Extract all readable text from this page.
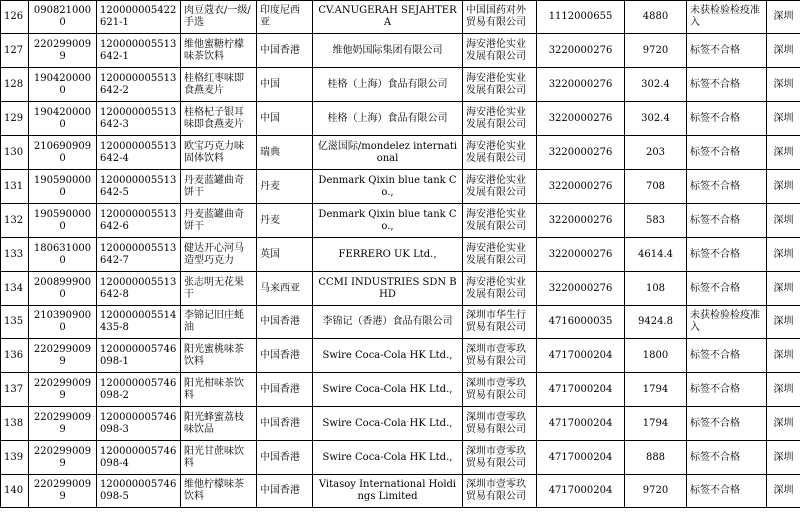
126	0908210000	120000005422621-1	肉豆蔻衣/一级/手选	印度尼西亚	CV.ANUGERAH SEJAHTERA	中国国药对外贸易有限公司	1112000655	4880	未获检验检疫准入	深圳
127	2202990099	120000005513642-1	维他蜜糖柠檬味茶饮料	中国香港	维他奶国际集团有限公司	海安港伦实业发展有限公司	3220000276	9720	标签不合格	深圳
128	1904200000	120000005513642-2	桂格红枣味即食燕麦片	中国	桂格（上海）食品有限公司	海安港伦实业发展有限公司	3220000276	302.4	标签不合格	深圳
129	1904200000	120000005513642-3	桂格杞子银耳味即食燕麦片	中国	桂格（上海）食品有限公司	海安港伦实业发展有限公司	3220000276	302.4	标签不合格	深圳
130	2106909090	120000005513642-4	欧宝巧克力味固体饮料	瑞典	亿滋国际/mondelez international	海安港伦实业发展有限公司	3220000276	203	标签不合格	深圳
131	1905900000	120000005513642-5	丹麦蓝罐曲奇饼干	丹麦	Denmark Qixin blue tank Co.,	海安港伦实业发展有限公司	3220000276	708	标签不合格	深圳
132	1905900000	120000005513642-6	丹麦蓝罐曲奇饼干	丹麦	Denmark Qixin blue tank Co.,	海安港伦实业发展有限公司	3220000276	583	标签不合格	深圳
133	1806310000	120000005513642-7	健达开心河马造型巧克力	英国	FERRERO UK Ltd.,	海安港伦实业发展有限公司	3220000276	4614.4	标签不合格	深圳
134	2008999000	120000005513642-8	张志明无花果干	马来西亚	CCMI INDUSTRIES SDN BHD	海安港伦实业发展有限公司	3220000276	108	标签不合格	深圳
135	2103909000	120000005514435-8	李锦记旧庄蚝油	中国香港	李锦记（香港）食品有限公司	深圳市华生行贸易有限公司	4716000035	9424.8	未获检验检疫准入	深圳
136	2202990099	120000005746098-1	阳光蜜桃味茶饮料	中国香港	Swire Coca-Cola HK Ltd.,	深圳市壹零玖贸易有限公司	4717000204	1800	标签不合格	深圳
137	2202990099	120000005746098-2	阳光柑味茶饮料	中国香港	Swire Coca-Cola HK Ltd.,	深圳市壹零玖贸易有限公司	4717000204	1794	标签不合格	深圳
138	2202990099	120000005746098-3	阳光蜂蜜荔枝味饮品	中国香港	Swire Coca-Cola HK Ltd.,	深圳市壹零玖贸易有限公司	4717000204	1794	标签不合格	深圳
139	2202990099	120000005746098-4	阳光甘蔗味饮料	中国香港	Swire Coca-Cola HK Ltd.,	深圳市壹零玖贸易有限公司	4717000204	888	标签不合格	深圳
140	2202990099	120000005746098-5	维他柠檬味茶饮料	中国香港	Vitasoy International Holdings Limited	深圳市壹零玖贸易有限公司	4717000204	9720	标签不合格	深圳
